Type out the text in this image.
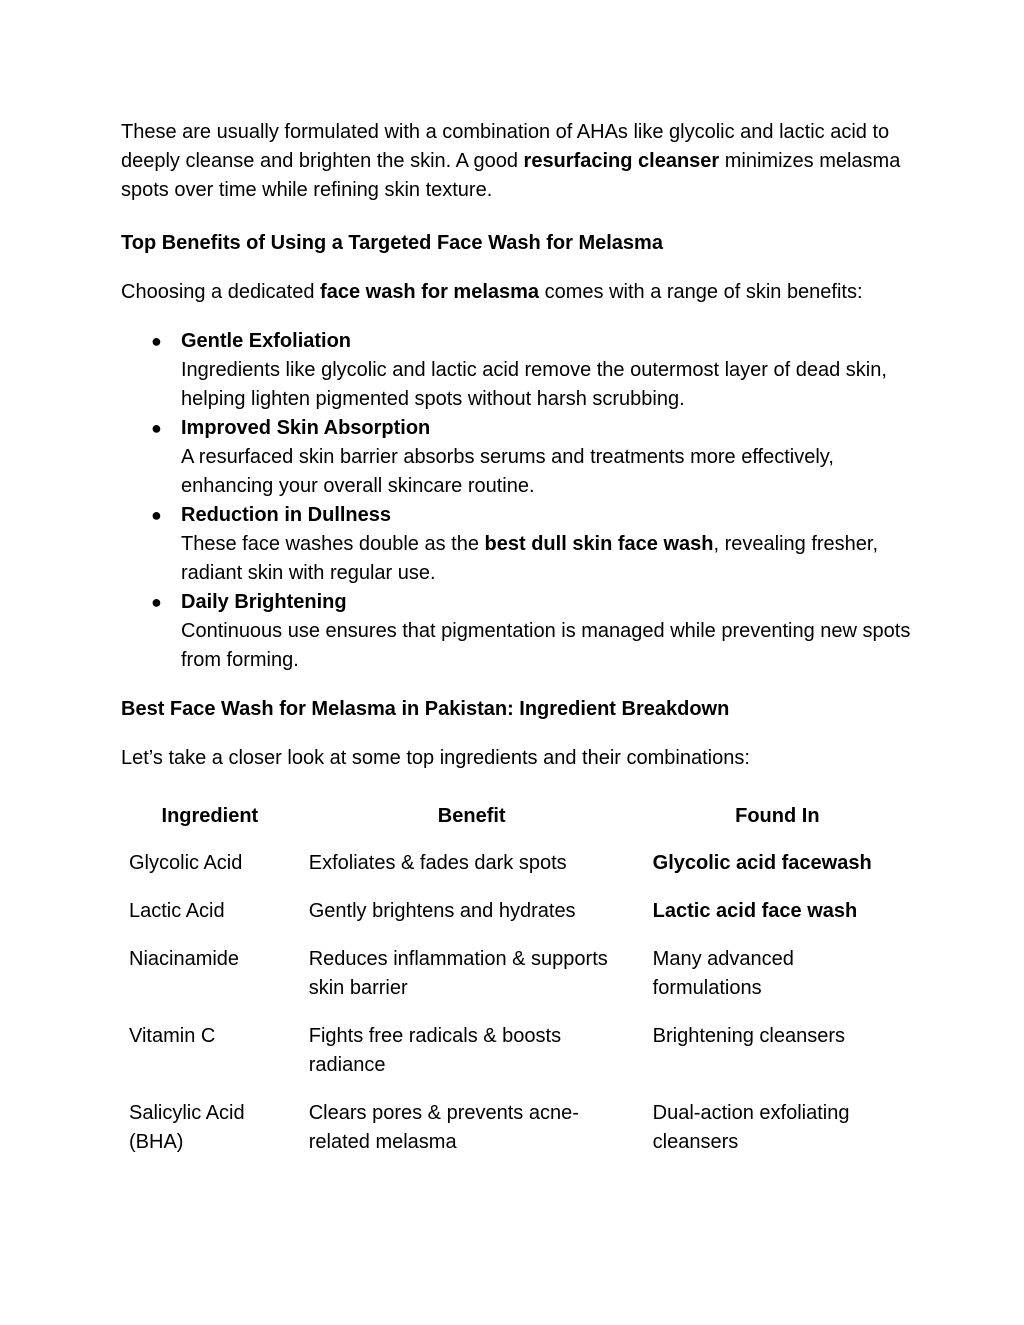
These are usually formulated with a combination of AHAs like glycolic and lactic acid to deeply cleanse and brighten the skin. A good resurfacing cleanser minimizes melasma spots over time while refining skin texture.

Top Benefits of Using a Targeted Face Wash for Melasma

Choosing a dedicated face wash for melasma comes with a range of skin benefits:

● Gentle Exfoliation
Ingredients like glycolic and lactic acid remove the outermost layer of dead skin, helping lighten pigmented spots without harsh scrubbing.
● Improved Skin Absorption
A resurfaced skin barrier absorbs serums and treatments more effectively, enhancing your overall skincare routine.
● Reduction in Dullness
These face washes double as the best dull skin face wash, revealing fresher, radiant skin with regular use.
● Daily Brightening
Continuous use ensures that pigmentation is managed while preventing new spots from forming.

Best Face Wash for Melasma in Pakistan: Ingredient Breakdown

Let’s take a closer look at some top ingredients and their combinations:

Ingredient	Benefit	Found In
Glycolic Acid	Exfoliates & fades dark spots	Glycolic acid facewash
Lactic Acid	Gently brightens and hydrates	Lactic acid face wash
Niacinamide	Reduces inflammation & supports skin barrier	Many advanced formulations
Vitamin C	Fights free radicals & boosts radiance	Brightening cleansers
Salicylic Acid (BHA)	Clears pores & prevents acne-related melasma	Dual-action exfoliating cleansers
